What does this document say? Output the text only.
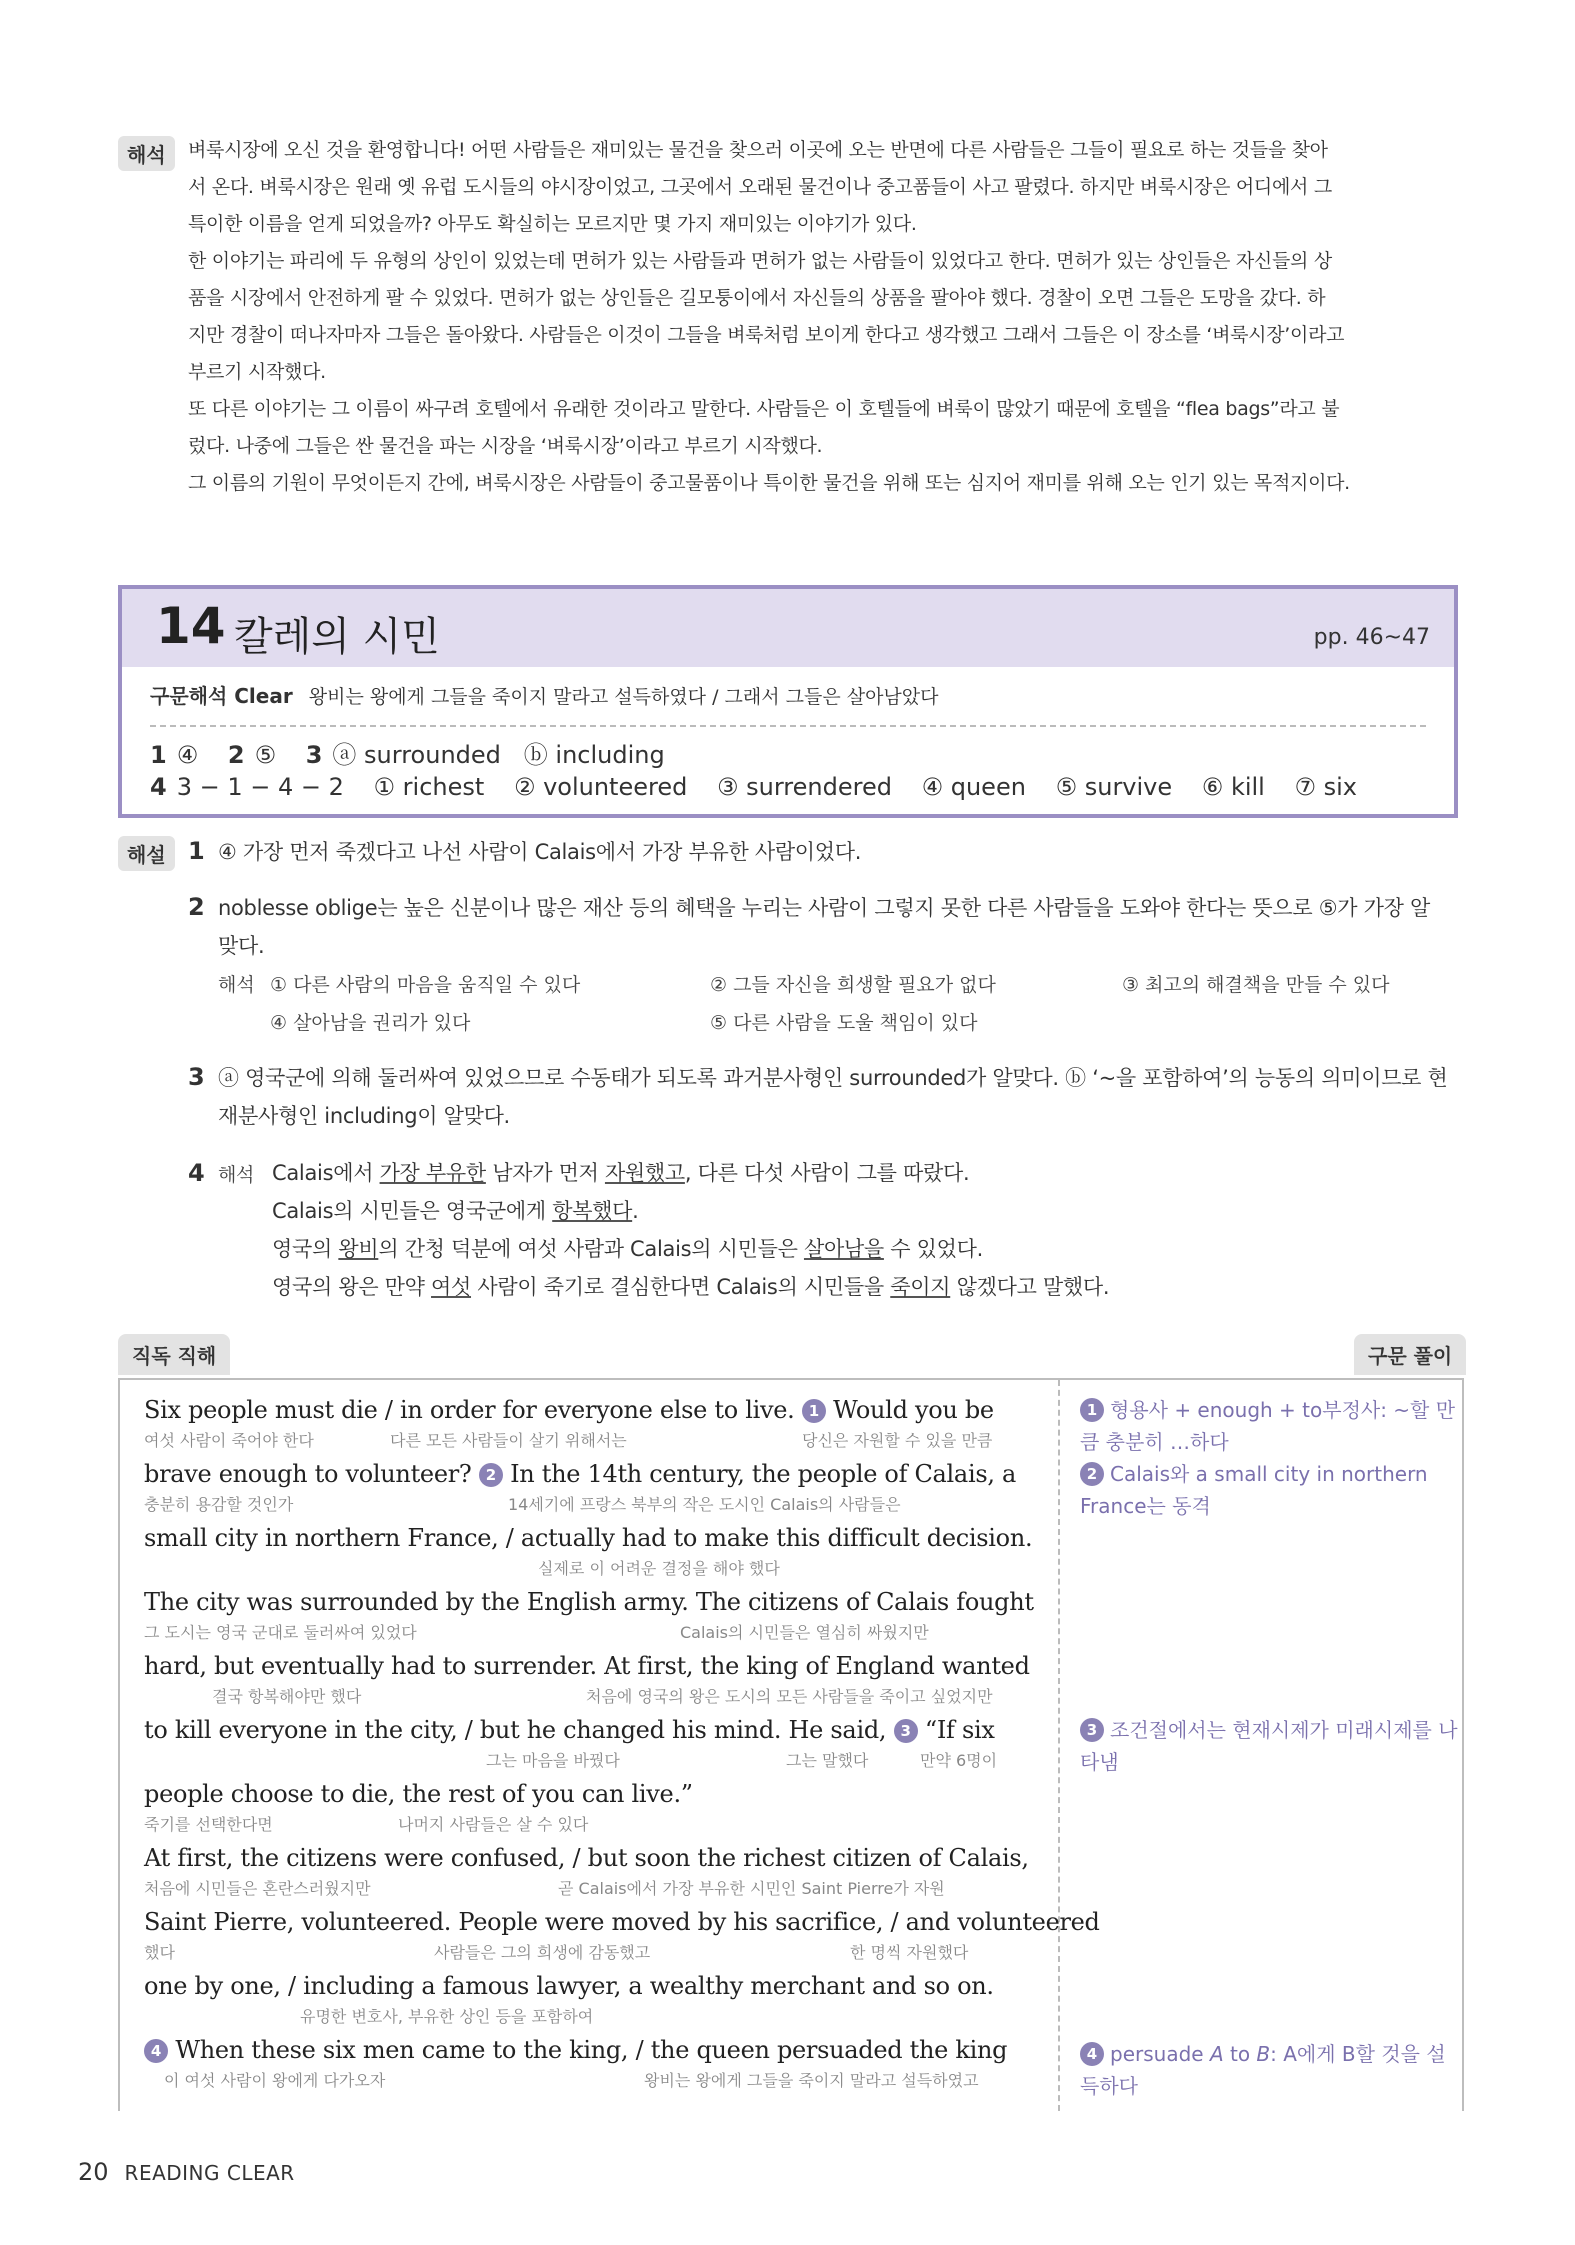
해석	벼룩시장에 오신 것을 환영합니다! 어떤 사람들은 재미있는 물건을 찾으러 이곳에 오는 반면에 다른 사람들은 그들이 필요로 하는 것들을 찾아
서 온다. 벼룩시장은 원래 옛 유럽 도시들의 야시장이었고, 그곳에서 오래된 물건이나 중고품들이 사고 팔렸다. 하지만 벼룩시장은 어디에서 그
특이한 이름을 얻게 되었을까? 아무도 확실히는 모르지만 몇 가지 재미있는 이야기가 있다.
한 이야기는 파리에 두 유형의 상인이 있었는데 면허가 있는 사람들과 면허가 없는 사람들이 있었다고 한다. 면허가 있는 상인들은 자신들의 상
품을 시장에서 안전하게 팔 수 있었다. 면허가 없는 상인들은 길모퉁이에서 자신들의 상품을 팔아야 했다. 경찰이 오면 그들은 도망을 갔다. 하
지만 경찰이 떠나자마자 그들은 돌아왔다. 사람들은 이것이 그들을 벼룩처럼 보이게 한다고 생각했고 그래서 그들은 이 장소를 ‘벼룩시장’이라고
부르기 시작했다.
또 다른 이야기는 그 이름이 싸구려 호텔에서 유래한 것이라고 말한다. 사람들은 이 호텔들에 벼룩이 많았기 때문에 호텔을 “flea bags”라고 불
렀다. 나중에 그들은 싼 물건을 파는 시장을 ‘벼룩시장’이라고 부르기 시작했다.
그 이름의 기원이 무엇이든지 간에, 벼룩시장은 사람들이 중고물품이나 특이한 물건을 위해 또는 심지어 재미를 위해 오는 인기 있는 목적지이다.
14 칼레의 시민	pp. 46~47
구문해석 Clear 왕비는 왕에게 그들을 죽이지 말라고 설득하였다 / 그래서 그들은 살아남았다
1 ④ 2 ⑤ 3 ⓐ surrounded   ⓑ including
4 3 − 1 − 4 − 2 ① richest ② volunteered ③ surrendered ④ queen ⑤ survive ⑥ kill ⑦ six
해설 1 ④ 가장 먼저 죽겠다고 나선 사람이 Calais에서 가장 부유한 사람이었다.
2 noblesse oblige는 높은 신분이나 많은 재산 등의 혜택을 누리는 사람이 그렇지 못한 다른 사람들을 도와야 한다는 뜻으로 ⑤가 가장 알
맞다.
해석 ① 다른 사람의 마음을 움직일 수 있다	② 그들 자신을 희생할 필요가 없다	③ 최고의 해결책을 만들 수 있다
④ 살아남을 권리가 있다	⑤ 다른 사람을 도울 책임이 있다
3 ⓐ 영국군에 의해 둘러싸여 있었으므로 수동태가 되도록 과거분사형인 surrounded가 알맞다. ⓑ ‘~을 포함하여’의 능동의 의미이므로 현
재분사형인 including이 알맞다.
4 해석 Calais에서 가장 부유한 남자가 먼저 자원했고, 다른 다섯 사람이 그를 따랐다.
Calais의 시민들은 영국군에게 항복했다.
영국의 왕비의 간청 덕분에 여섯 사람과 Calais의 시민들은 살아남을 수 있었다.
영국의 왕은 만약 여섯 사람이 죽기로 결심한다면 Calais의 시민들을 죽이지 않겠다고 말했다.
직독 직해	구문 풀이
Six people must die / in order for everyone else to live. 1 Would you be
여섯 사람이 죽어야 한다	다른 모든 사람들이 살기 위해서는	당신은 자원할 수 있을 만큼
brave enough to volunteer? 2 In the 14th century, the people of Calais, a
충분히 용감할 것인가	14세기에 프랑스 북부의 작은 도시인 Calais의 사람들은
small city in northern France, / actually had to make this difficult decision.
실제로 이 어려운 결정을 해야 했다
The city was surrounded by the English army. The citizens of Calais fought
그 도시는 영국 군대로 둘러싸여 있었다	Calais의 시민들은 열심히 싸웠지만
hard, but eventually had to surrender. At first, the king of England wanted
결국 항복해야만 했다	처음에 영국의 왕은 도시의 모든 사람들을 죽이고 싶었지만
to kill everyone in the city, / but he changed his mind. He said, 3 “If six
그는 마음을 바꿨다	그는 말했다	만약 6명이
people choose to die, the rest of you can live.”
죽기를 선택한다면	나머지 사람들은 살 수 있다
At first, the citizens were confused, / but soon the richest citizen of Calais,
처음에 시민들은 혼란스러웠지만	곧 Calais에서 가장 부유한 시민인 Saint Pierre가 자원
Saint Pierre, volunteered. People were moved by his sacrifice, / and volunteered
했다	사람들은 그의 희생에 감동했고	한 명씩 자원했다
one by one, / including a famous lawyer, a wealthy merchant and so on.
유명한 변호사, 부유한 상인 등을 포함하여
4 When these six men came to the king, / the queen persuaded the king
이 여섯 사람이 왕에게 다가오자	왕비는 왕에게 그들을 죽이지 말라고 설득하였고
1 형용사 + enough + to부정사: ~할 만큼 충분히 …하다
2 Calais와 a small city in northern France는 동격
3 조건절에서는 현재시제가 미래시제를 나타냄
4 persuade A to B: A에게 B할 것을 설득하다
20 READING CLEAR
